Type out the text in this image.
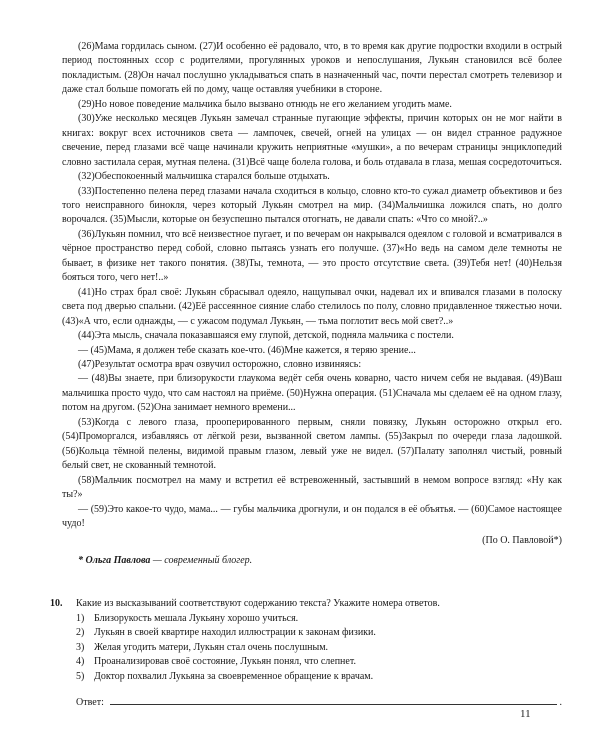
(26)Мама гордилась сыном. (27)И особенно её радовало, что, в то время как другие подростки входили в острый период постоянных ссор с родителями, прогулянных уроков и непослушания, Лукьян становился всё более покладистым. (28)Он начал послушно укладываться спать в назначенный час, почти перестал смотреть телевизор и даже стал больше помогать ей по дому, чаще оставляя учебники в стороне.

(29)Но новое поведение мальчика было вызвано отнюдь не его желанием угодить маме.

(30)Уже несколько месяцев Лукьян замечал странные пугающие эффекты, причин которых он не мог найти в книгах: вокруг всех источников света — лампочек, свечей, огней на улицах — он видел странное радужное свечение, перед глазами всё чаще начинали кружить неприятные «мушки», а по вечерам страницы энциклопедий словно застилала серая, мутная пелена. (31)Всё чаще болела голова, и боль отдавала в глаза, мешая сосредоточиться.

(32)Обеспокоенный мальчишка старался больше отдыхать.

(33)Постепенно пелена перед глазами начала сходиться в кольцо, словно кто-то сужал диаметр объективов и без того неисправного бинокля, через который Лукьян смотрел на мир. (34)Мальчишка ложился спать, но долго ворочался. (35)Мысли, которые он безуспешно пытался отогнать, не давали спать: «Что со мной?..»

(36)Лукьян помнил, что всё неизвестное пугает, и по вечерам он накрывался одеялом с головой и всматривался в чёрное пространство перед собой, словно пытаясь узнать его получше. (37)«Но ведь на самом деле темноты не бывает, в физике нет такого понятия. (38)Ты, темнота, — это просто отсутствие света. (39)Тебя нет! (40)Нельзя бояться того, чего нет!..»

(41)Но страх брал своё: Лукьян сбрасывал одеяло, нащупывал очки, надевал их и впивался глазами в полоску света под дверью спальни. (42)Её рассеянное сияние слабо стелилось по полу, словно придавленное тяжестью ночи. (43)«А что, если однажды, — с ужасом подумал Лукьян, — тьма поглотит весь мой свет?..»

(44)Эта мысль, сначала показавшаяся ему глупой, детской, подняла мальчика с постели.

— (45)Мама, я должен тебе сказать кое-что. (46)Мне кажется, я теряю зрение...

(47)Результат осмотра врач озвучил осторожно, словно извиняясь:

— (48)Вы знаете, при близорукости глаукома ведёт себя очень коварно, часто ничем себя не выдавая. (49)Ваш мальчишка просто чудо, что сам настоял на приёме. (50)Нужна операция. (51)Сначала мы сделаем её на одном глазу, потом на другом. (52)Она занимает немного времени...

(53)Когда с левого глаза, прооперированного первым, сняли повязку, Лукьян осторожно открыл его. (54)Проморгался, избавляясь от лёгкой рези, вызванной светом лампы. (55)Закрыл по очереди глаза ладошкой. (56)Кольца тёмной пелены, видимой правым глазом, левый уже не видел. (57)Палату заполнял чистый, ровный белый свет, не скованный темнотой.

(58)Мальчик посмотрел на маму и встретил её встревоженный, застывший в немом вопросе взгляд: «Ну как ты?»

— (59)Это какое-то чудо, мама... — губы мальчика дрогнули, и он подался в её объятья. — (60)Самое настоящее чудо!

(По О. Павловой*)

* Ольга Павлова — современный блогер.
10.	Какие из высказываний соответствуют содержанию текста? Укажите номера ответов.
1) Близорукость мешала Лукьяну хорошо учиться.
2) Лукьян в своей квартире находил иллюстрации к законам физики.
3) Желая угодить матери, Лукьян стал очень послушным.
4) Проанализировав своё состояние, Лукьян понял, что слепнет.
5) Доктор похвалил Лукьяна за своевременное обращение к врачам.
Ответ:	.
11
